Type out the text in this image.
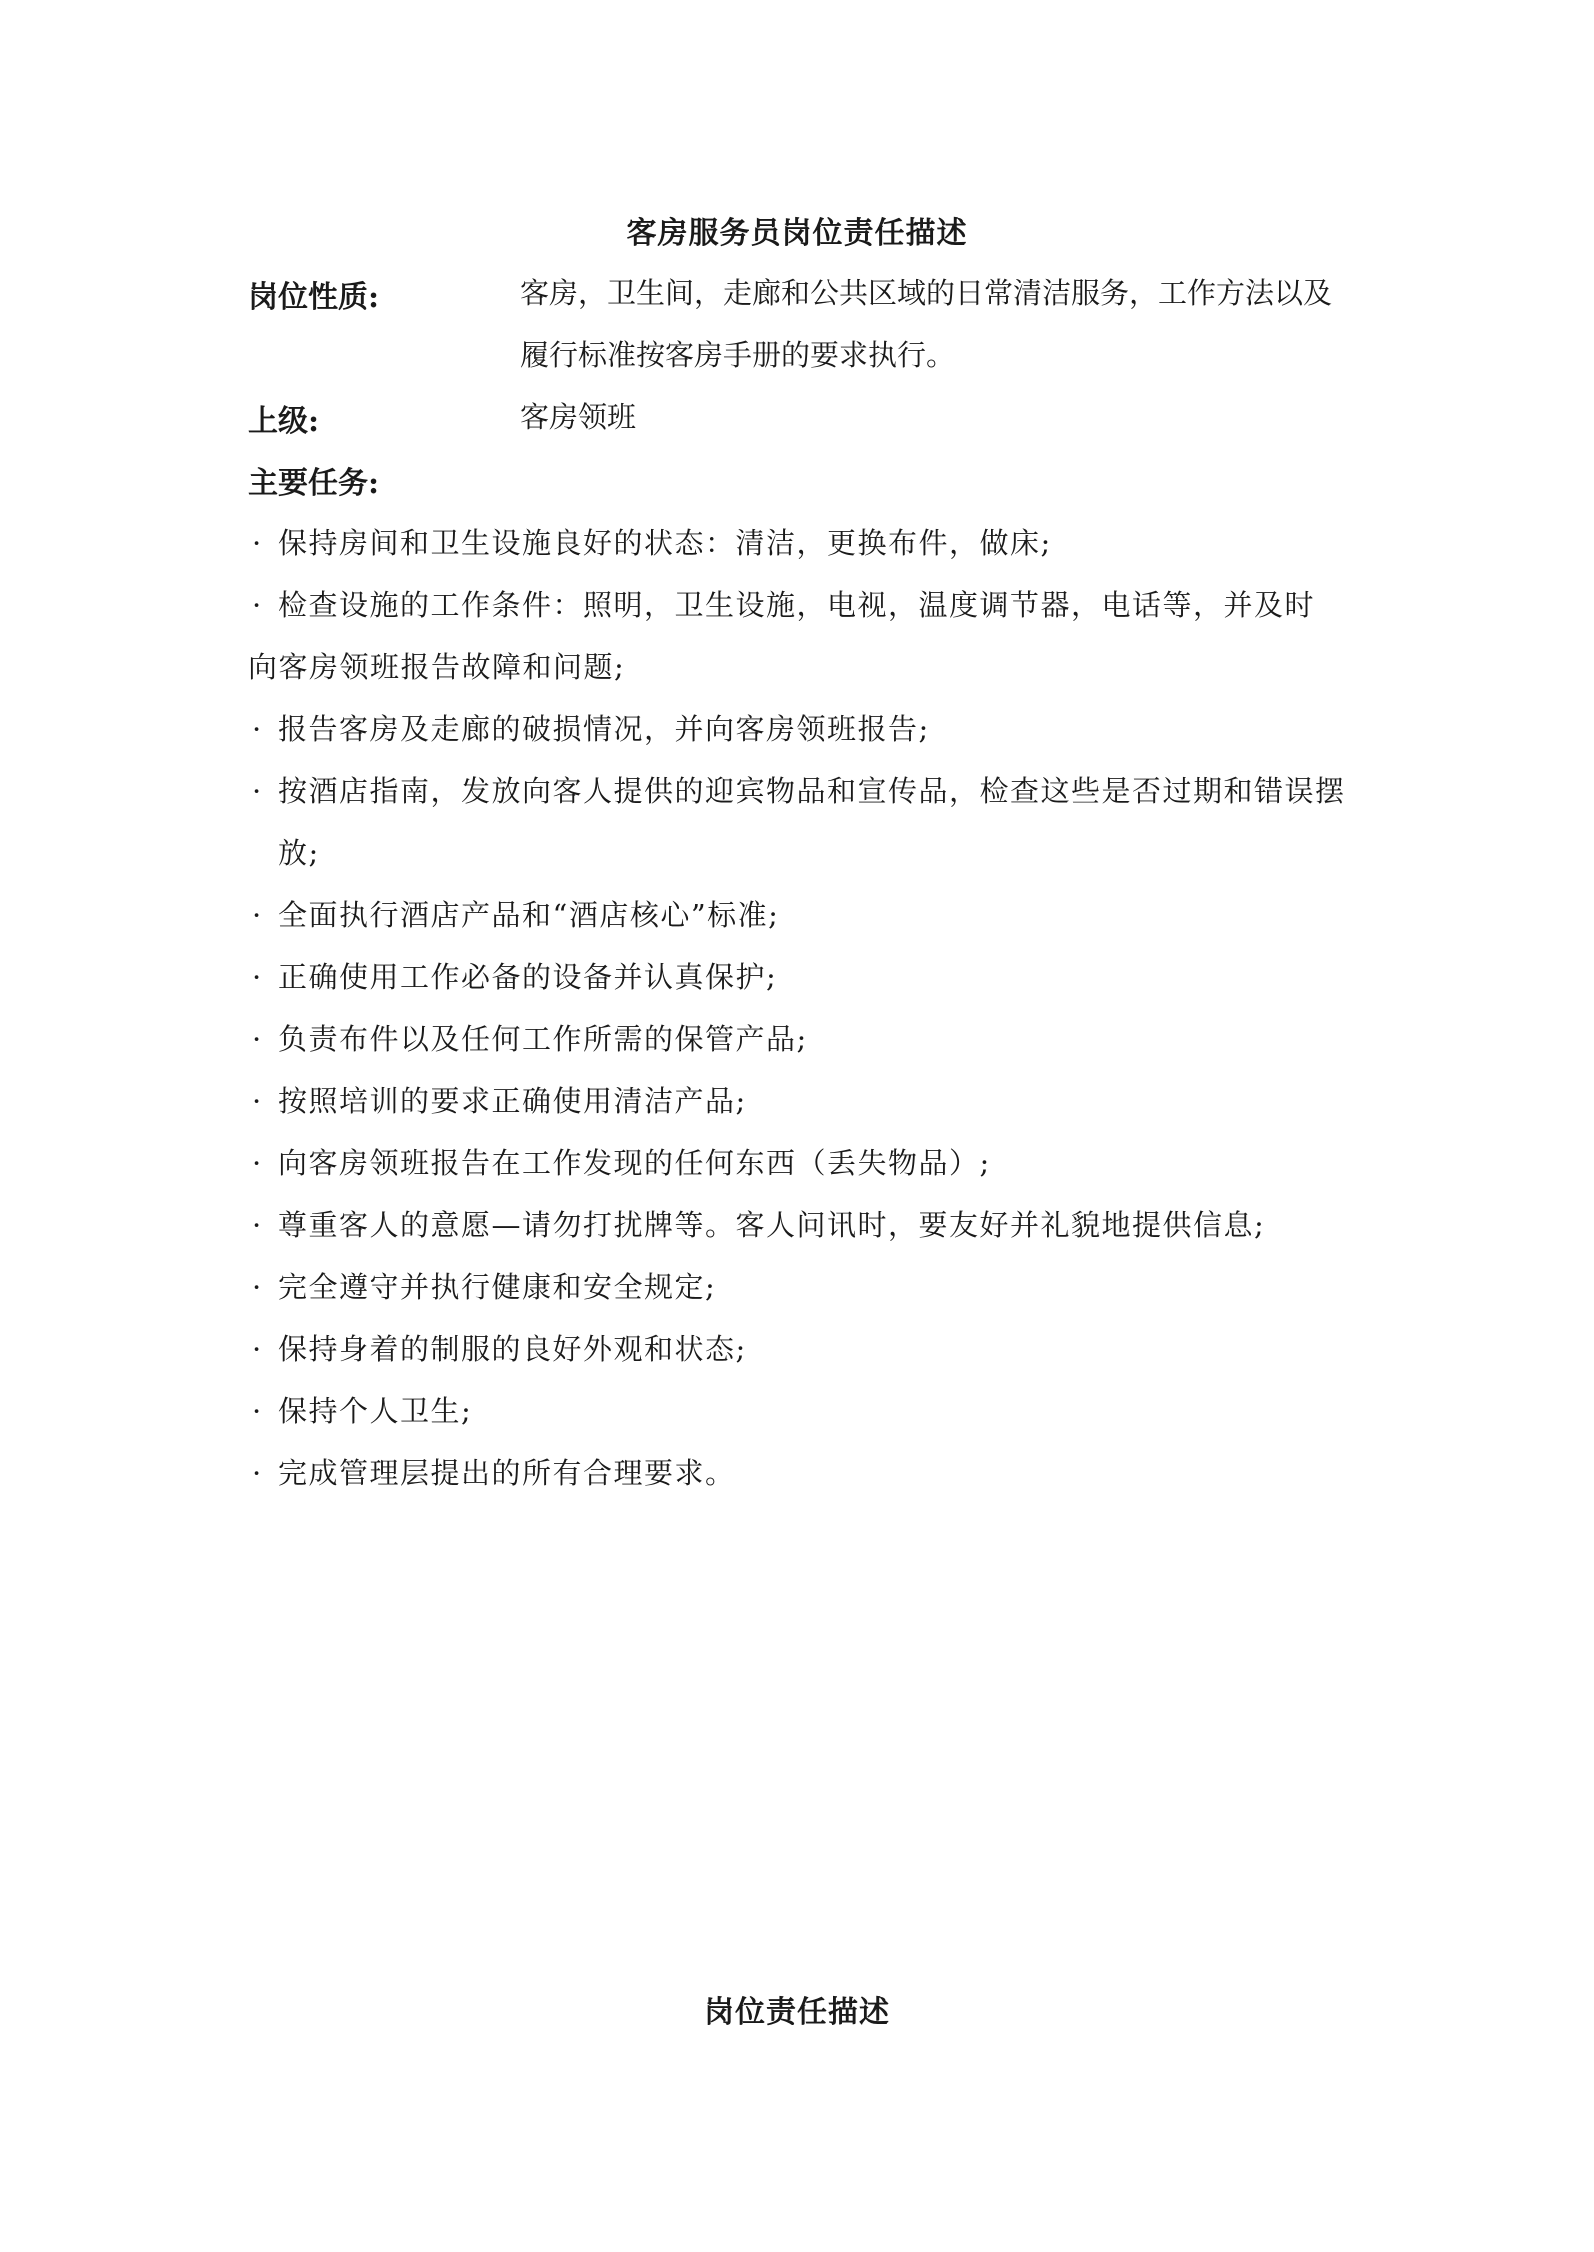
客房服务员岗位责任描述
岗位性质:	客房，卫生间，走廊和公共区域的日常清洁服务，工作方法以及履行标准按客房手册的要求执行。
上级:	客房领班
主要任务:
· 保持房间和卫生设施良好的状态：清洁，更换布件，做床;
· 检查设施的工作条件：照明，卫生设施，电视，温度调节器，电话等，并及时
向客房领班报告故障和问题;
· 报告客房及走廊的破损情况，并向客房领班报告;
· 按酒店指南，发放向客人提供的迎宾物品和宣传品，检查这些是否过期和错误摆放;
· 全面执行酒店产品和“酒店核心”标准;
· 正确使用工作必备的设备并认真保护;
· 负责布件以及任何工作所需的保管产品;
· 按照培训的要求正确使用清洁产品;
· 向客房领班报告在工作发现的任何东西（丢失物品）;
· 尊重客人的意愿—请勿打扰牌等。客人问讯时，要友好并礼貌地提供信息;
· 完全遵守并执行健康和安全规定;
· 保持身着的制服的良好外观和状态;
· 保持个人卫生;
· 完成管理层提出的所有合理要求。
岗位责任描述
